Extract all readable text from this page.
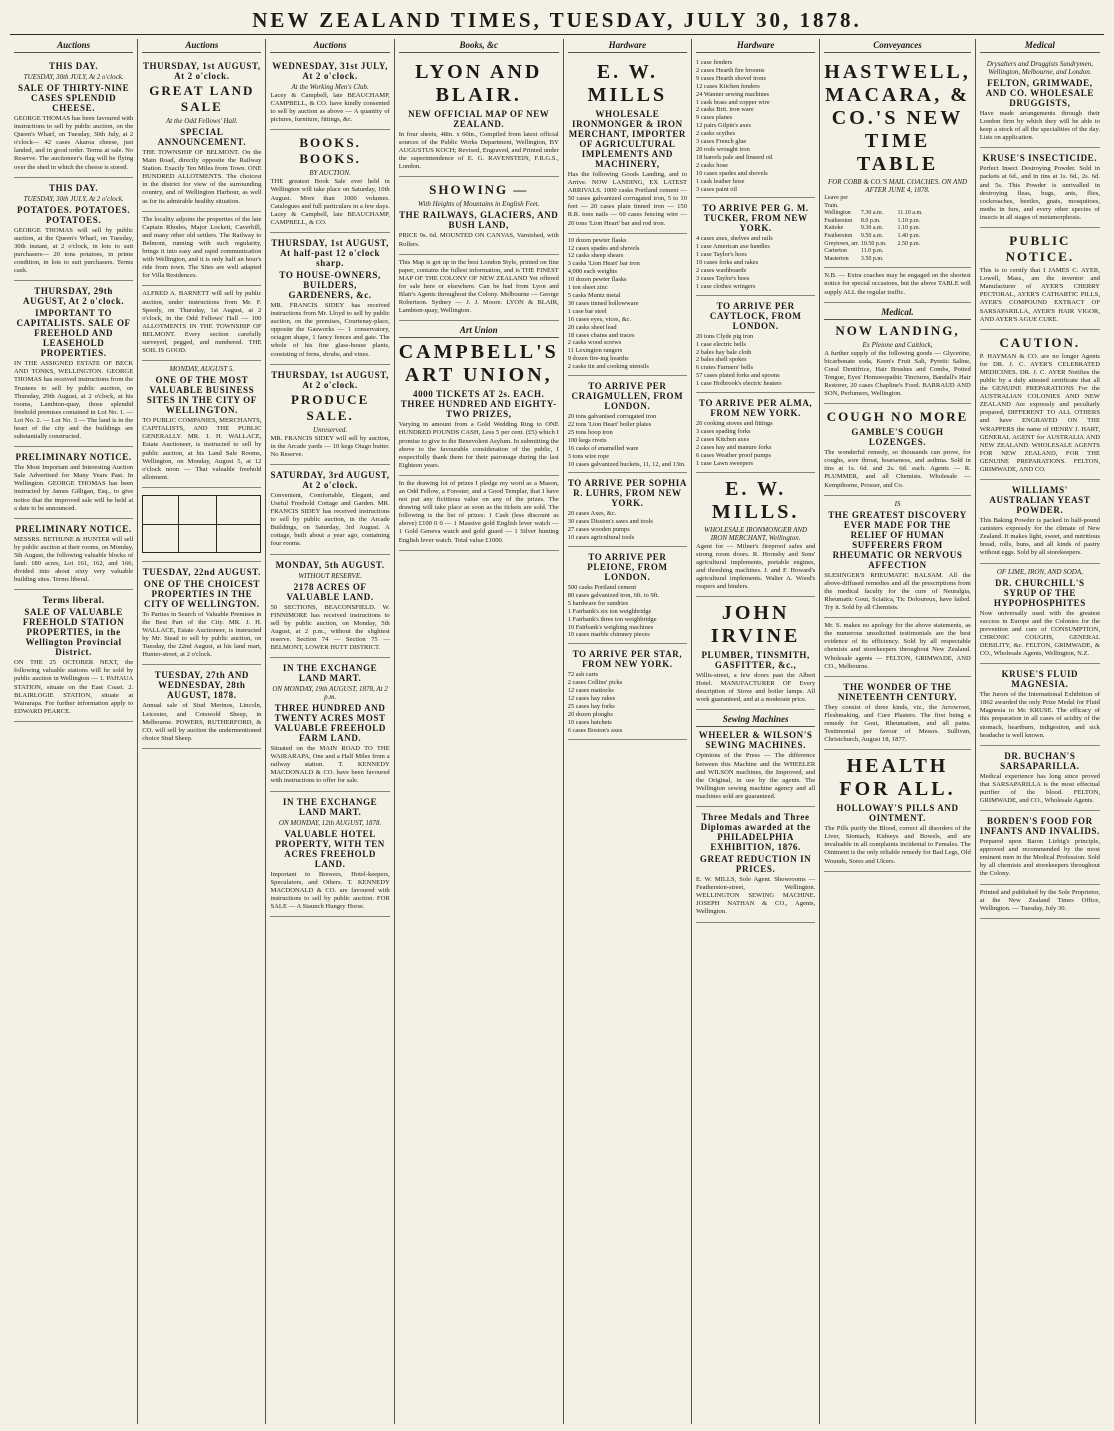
NEW ZEALAND TIMES, TUESDAY, JULY 30, 1878.
Auctions
THIS DAY.
TUESDAY, 30th JULY, At 2 o'clock.
SALE OF THIRTY-NINE CASES SPLENDID CHEESE.
GEORGE THOMAS has been favoured with instructions to sell by public auction, on the Queen's Wharf, on Tuesday, 30th July, at 2 o'clock— 42 cases Akaroa cheese, just landed, and in good order. Terms at sale. No Reserve. The auctioneer's flag will be flying over the shed in which the cheese is stored.
THIS DAY.
TUESDAY, 30th JULY, At 2 o'clock.
POTATOES. POTATOES. POTATOES.
GEORGE THOMAS will sell by public auction, at the Queen's Wharf, on Tuesday, 30th instant, at 2 o'clock, in lots to suit purchasers— 20 tons potatoes, in prime condition, in lots to suit purchasers. Terms cash.
THURSDAY, 29th AUGUST, At 2 o'clock.
IMPORTANT TO CAPITALISTS. SALE OF FREEHOLD AND LEASEHOLD PROPERTIES.
IN THE ASSIGNED ESTATE OF BECK AND TONKS, WELLINGTON. GEORGE THOMAS has received instructions from the Trustees to sell by public auction, on Thursday, 29th August, at 2 o'clock, at his rooms, Lambton-quay, those splendid freehold premises contained in Lot No. 1. — Lot No. 2. — Lot No. 3 — The land is in the heart of the city and the buildings are substantially constructed.
PRELIMINARY NOTICE.
The Most Important and Interesting Auction Sale Advertised for Many Years Past. In Wellington. GEORGE THOMAS has been instructed by James Gilligan, Esq., to give notice that the improved sale will be held at a date to be announced.
PRELIMINARY NOTICE.
MESSRS. BETHUNE & HUNTER will sell by public auction at their rooms, on Monday, 5th August, the following valuable blocks of land: 180 acres, Lot 161, 162, and 166, divided into about sixty very valuable building sites. Terms liberal.
Terms liberal.
SALE OF VALUABLE FREEHOLD STATION PROPERTIES, in the Wellington Provincial District.
ON THE 25 OCTOBER NEXT, the following valuable stations will be sold by public auction in Wellington — 1. PAHAUA STATION, situate on the East Coast. 2. BLAIRLOGIE STATION, situate at Wairarapa. For further information apply to EDWARD PEARCE.
Auctions
THURSDAY, 1st AUGUST, At 2 o'clock.
GREAT LAND SALE
At the Odd Fellows' Hall.
SPECIAL ANNOUNCEMENT.
THE TOWNSHIP OF BELMONT. On the Main Road, directly opposite the Railway Station. Exactly Ten Miles from Town. ONE HUNDRED ALLOTMENTS. The choicest in the district for view of the surrounding country, and of Wellington Harbour, as well as for its admirable healthy situation.
The locality adjoins the properties of the late Captain Rhodes, Major Lockett, Caverhill, and many other old settlers. The Railway to Belmont, running with such regularity, brings it into easy and rapid communication with Wellington, and it is only half an hour's ride from town. The Sites are well adapted for Villa Residences.
ALFRED A. BARNETT will sell by public auction, under instructions from Mr. F. Speedy, on Thursday, 1st August, at 2 o'clock, in the Odd Fellows' Hall — 100 ALLOTMENTS IN THE TOWNSHIP OF BELMONT. Every section carefully surveyed, pegged, and numbered. THE SOIL IS GOOD.
MONDAY, AUGUST 5.
ONE OF THE MOST VALUABLE BUSINESS SITES IN THE CITY OF WELLINGTON.
TO PUBLIC COMPANIES, MERCHANTS, CAPITALISTS, AND THE PUBLIC GENERALLY. MR. J. H. WALLACE, Estate Auctioneer, is instructed to sell by public auction, at his Land Sale Rooms, Wellington, on Monday, August 5, at 12 o'clock noon — That valuable freehold allotment.
TUESDAY, 22nd AUGUST.
ONE OF THE CHOICEST PROPERTIES IN THE CITY OF WELLINGTON.
To Parties in Search of Valuable Premises in the Best Part of the City. MR. J. H. WALLACE, Estate Auctioneer, is instructed by Mr. Stead to sell by public auction, on Tuesday, the 22nd August, at his land mart, Hunter-street, at 2 o'clock.
TUESDAY, 27th AND WEDNESDAY, 28th AUGUST, 1878.
Annual sale of Stud Merinos, Lincoln, Leicester, and Cotswold Sheep, in Melbourne. POWERS, RUTHERFORD, & CO. will sell by auction the undermentioned choice Stud Sheep.
Auctions
WEDNESDAY, 31st JULY, At 2 o'clock.
At the Working Men's Club.
Lacey & Campbell, late BEAUCHAMP, CAMPBELL, & CO. have kindly consented to sell by auction as above — A quantity of pictures, furniture, fittings, &c.
BOOKS. BOOKS.
BY AUCTION.
THE greatest Book Sale ever held in Wellington will take place on Saturday, 10th August. More than 1000 volumes. Catalogues and full particulars in a few days. Lacey & Campbell, late BEAUCHAMP, CAMPBELL, & CO.
THURSDAY, 1st AUGUST, At half-past 12 o'clock sharp.
TO HOUSE-OWNERS, BUILDERS, GARDENERS, &c.
MR. FRANCIS SIDEY has received instructions from Mr. Lloyd to sell by public auction, on the premises, Courtenay-place, opposite the Gasworks — 1 conservatory, octagon shape, 1 fancy fences and gate. The whole of his fine glass-house plants, consisting of ferns, shrubs, and vines.
THURSDAY, 1st AUGUST, At 2 o'clock.
PRODUCE SALE.
Unreserved.
MR. FRANCIS SIDEY will sell by auction, in the Arcade yards — 10 kegs Otago butter. No Reserve.
SATURDAY, 3rd AUGUST, At 2 o'clock.
Convenient, Comfortable, Elegant, and Useful Freehold Cottage and Garden. MR. FRANCIS SIDEY has received instructions to sell by public auction, in the Arcade Buildings, on Saturday, 3rd August. A cottage, built about a year ago, containing four rooms.
MONDAY, 5th AUGUST.
WITHOUT RESERVE.
2178 ACRES OF VALUABLE LAND.
50 SECTIONS, BEACONSFIELD. W. FINNIMORE has received instructions to sell by public auction, on Monday, 5th August, at 2 p.m., without the slightest reserve. Section 74 — Section 75 — BELMONT, LOWER HUTT DISTRICT.
IN THE EXCHANGE LAND MART.
ON MONDAY, 19th AUGUST, 1878, At 2 p.m.
THREE HUNDRED AND TWENTY ACRES MOST VALUABLE FREEHOLD FARM LAND.
Situated on the MAIN ROAD TO THE WAIRARAPA, One and a Half Miles from a railway station. T. KENNEDY MACDONALD & CO. have been favoured with instructions to offer for sale.
IN THE EXCHANGE LAND MART.
ON MONDAY, 12th AUGUST, 1878.
VALUABLE HOTEL PROPERTY, WITH TEN ACRES FREEHOLD LAND.
Important to Brewers, Hotel-keepers, Speculators, and Others. T. KENNEDY MACDONALD & CO. are favoured with instructions to sell by public auction. FOR SALE — A Staunch Hungry Horse.
Books, &c
LYON AND BLAIR.
NEW OFFICIAL MAP OF NEW ZEALAND.
In four sheets, 48in. x 60in., Compiled from latest official sources of the Public Works Department, Wellington, BY AUGUSTUS KOCH; Revised, Engraved, and Printed under the superintendence of E. G. RAVENSTEIN, F.R.G.S., London.
SHOWING —
With Heights of Mountains in English Feet.
THE RAILWAYS, GLACIERS, AND BUSH LAND,
PRICE 9s. 6d. MOUNTED ON CANVAS, Varnished, with Rollers.
This Map is got up in the best London Style, printed on fine paper, contains the fullest information, and is THE FINEST MAP OF THE COLONY OF NEW ZEALAND Yet offered for sale here or elsewhere. Can be had from Lyon and Blair's Agents throughout the Colony. Melbourne — George Robertson. Sydney — J. J. Moore. LYON & BLAIR, Lambton-quay, Wellington.
Art Union
CAMPBELL'S ART UNION,
4000 TICKETS AT 2s. EACH. THREE HUNDRED AND EIGHTY-TWO PRIZES,
Varying in amount from a Gold Wedding Ring to ONE HUNDRED POUNDS CASH, Less 5 per cent. (£5) which I promise to give to the Benevolent Asylum. In submitting the above to the favourable consideration of the public, I respectfully thank them for their patronage during the last Eighteen years.
In the drawing lot of prizes I pledge my word as a Mason, an Odd Fellow, a Forester, and a Good Templar, that I have not put any fictitious value on any of the prizes. The drawing will take place as soon as the tickets are sold. The following is the list of prizes: 1 Cash (less discount as above) £100 0 0 — 1 Massive gold English lever watch — 1 Gold Geneva watch and gold guard — 1 Silver hunting English lever watch. Total value £1000.
Hardware
E. W. MILLS
WHOLESALE IRONMONGER & IRON MERCHANT, IMPORTER OF AGRICULTURAL IMPLEMENTS AND MACHINERY,
Has the following Goods Landing, and to Arrive. NOW LANDING, EX LATEST ARRIVALS. 1000 casks Portland cement — 50 cases galvanized corrugated iron, 5 to 10 feet — 20 cases plain tinned iron — 150 R.R. tons nails — 60 cases fencing wire — 20 tons 'Lion Heart' bar and rod iron.
10 dozen pewter flasks
12 cases spades and shovels
12 casks sheep shears
3 casks 'Lion Heart' bar iron
4,000 each weights
10 dozen pewter flasks
1 ton sheet zinc
5 casks Muntz metal
30 cases tinned hollowware
1 case bar steel
16 cases eyes, vices, &c.
20 casks sheet lead
18 cases chains and traces
2 casks wood screws
11 Lexington rangers
9 dozen fire-ing hearths
2 casks tin and cooking utensils
TO ARRIVE PER CRAIGMULLEN, FROM LONDON.
20 tons galvanised corrugated iron
22 tons 'Lion Heart' boiler plates
25 tons hoop iron
100 kegs rivets
16 casks of enamelled ware
3 tons wire rope
10 cases galvanized buckets, 11, 12, and 13in.
TO ARRIVE PER SOPHIA R. LUHRS, FROM NEW YORK.
20 cases Axes, &c.
30 cases Disston's saws and tools
27 cases wooden pumps
10 cases agricultural tools
TO ARRIVE PER PLEIONE, FROM LONDON.
500 casks Portland cement
80 cases galvanized iron, 6ft. to 9ft.
5 hardware for sundries
1 Fairbank's six ton weighbridge
1 Fairbank's three ton weighbridge
10 Fairbank's weighing machines
10 cases marble chimney pieces
TO ARRIVE PER STAR, FROM NEW YORK.
72 ash carts
2 cases Collins' picks
12 cases mattocks
12 cases hay rakes
25 cases hay forks
20 dozen ploughs
10 cases hatchets
6 cases Boston's axes
Hardware
1 case fenders
2 cases Hearth fire brooms
9 cases Hearth shovel irons
12 cases Kitchen fenders
24 Wanner sewing machines
1 cask brass and copper wire
2 casks Brit. iron ware
9 cases planes
12 pairs Gilpin's axes
2 casks scythes
3 cases French glue
20 rods wrought iron
18 barrels pale and linseed oil
2 casks hose
10 cases spades and shovels
1 cask leather hose
3 cases paint oil
TO ARRIVE PER G. M. TUCKER, FROM NEW YORK.
4 cases axes, shelves and rails
1 case American axe handles
1 case Taylor's hoes
10 cases forks and rakes
2 cases washboards
3 cases Taylor's hoes
1 case clothes wringers
TO ARRIVE PER CAYTLOCK, FROM LONDON.
20 tons Clyde pig iron
1 case electric bells
2 bales hay bale cloth
2 bales shell spokes
6 crates Farmers' bells
57 cases plated forks and spoons
1 case Holbrook's electric heaters
TO ARRIVE PER ALMA, FROM NEW YORK.
20 cooking stoves and fittings
3 cases spading forks
2 cases Kitchen axes
2 cases hay and manure forks
6 cases Weather proof pumps
1 case Lawn sweepers
E. W. MILLS.
WHOLESALE IRONMONGER AND IRON MERCHANT, Wellington.
Agent for — Milner's fireproof safes and strong room doors. R. Hornsby and Sons' agricultural implements, portable engines, and threshing machines. J. and F. Howard's agricultural implements. Walter A. Wood's reapers and binders.
JOHN IRVINE
PLUMBER, TINSMITH, GASFITTER, &c.,
Willis-street, a few doors past the Albert Hotel. MANUFACTURER OF Every description of Stove and boiler lamps. All work guaranteed, and at a moderate price.
Sewing Machines
WHEELER & WILSON'S SEWING MACHINES.
Opinions of the Press — The difference between this Machine and the WHEELER and WILSON machines, the Improved, and the Original, in use by the agents. The Wellington sewing machine agency and all machines sold are guaranteed.
Three Medals and Three Diplomas awarded at the PHILADELPHIA EXHIBITION, 1876.
GREAT REDUCTION IN PRICES.
E. W. MILLS, Sole Agent. Showrooms — Featherston-street, Wellington. WELLINGTON SEWING MACHINE. JOSEPH NATHAN & CO., Agents, Wellington.
Conveyances
HASTWELL, MACARA, & CO.'S NEW TIME TABLE
FOR COBB & CO.'S MAIL COACHES. ON AND AFTER JUNE 4, 1878.
Leave per Train.
Wellington	7.30 a.m.	11.10 a.m.
Featherston	8.0 p.m.	1.10 p.m.
Kaitoke	9.30 a.m.	1.10 p.m.
Featherston	9.50 a.m.	1.40 p.m.
Greytown, arr. 10.50 p.m.	2.50 p.m.
Carterton	11.0 p.m.
Masterton	3.50 p.m.
N.B. — Extra coaches may be engaged on the shortest notice for special occasions, but the above TABLE will supply ALL the regular traffic.
Medical.
NOW LANDING,
Ex Pleione and Caitlock,
A further supply of the following goods — Glycerine, bicarbonate soda, Keen's Fruit Salt, Pyretic Saline, Coral Dentifrice, Hair Brushes and Combs, Potted Tongue, Eyes' Homoeopathic Tinctures, Bandall's Hair Restorer, 20 cases Chapline's Food. BARRAUD AND SON, Perfumers, Wellington.
COUGH NO MORE
GAMBLE'S COUGH LOZENGES.
The wonderful remedy, so thousands can prove, for coughs, sore throat, hoarseness, and asthma. Sold in tins at 1s. 6d. and 2s. 6d. each. Agents — R. PLUMMER, and all Chemists. Wholesale — Kempthorne, Prosser, and Co.
IS
THE GREATEST DISCOVERY EVER MADE FOR THE RELIEF OF HUMAN SUFFERERS FROM RHEUMATIC OR NERVOUS AFFECTION
SLESINGER'S RHEUMATIC BALSAM. All the above-diffused remedies and all the prescriptions from the medical faculty for the cure of Neuralgia, Rheumatic Gout, Sciatica, Tic Doloureux, have failed. Try it. Sold by all Chemists.
Mr. S. makes no apology for the above statements, as the numerous unsolicited testimonials are the best evidence of its efficiency. Sold by all respectable chemists and storekeepers throughout New Zealand. Wholesale agents — FELTON, GRIMWADE, AND CO., Melbourne.
THE WONDER OF THE NINETEENTH CENTURY.
They consist of three kinds, viz., the Arrowroot, Fleshmaking, and Cure Plasters. The first being a remedy for Gout, Rheumatism, and all pains. Testimonial per favour of Messrs. Sullivan, Christchurch, August 18, 1877.
HEALTH FOR ALL.
HOLLOWAY'S PILLS AND OINTMENT.
The Pills purify the Blood, correct all disorders of the Liver, Stomach, Kidneys and Bowels, and are invaluable in all complaints incidental to Females. The Ointment is the only reliable remedy for Bad Legs, Old Wounds, Sores and Ulcers.
Medical
Drysalters and Druggists Sundrymen, Wellington, Melbourne, and London.
FELTON, GRIMWADE, AND CO. WHOLESALE DRUGGISTS,
Have made arrangements through their London firm by which they will be able to keep a stock of all the specialities of the day. Lists on application.
KRUSE'S INSECTICIDE.
Perfect Insect Destroying Powder. Sold in packets at 6d., and in tins at 1s. 6d., 2s. 6d. and 5s. This Powder is unrivalled in destroying fleas, bugs, ants, flies, cockroaches, beetles, gnats, mosquitoes, moths in furs, and every other species of insects in all stages of metamorphosis.
PUBLIC NOTICE.
This is to certify that I JAMES C. AYER, Lowell, Mass., am the inventor and Manufacturer of AYER'S CHERRY PECTORAL, AYER'S CATHARTIC PILLS, AYER'S COMPOUND EXTRACT OF SARSAPARILLA, AYER'S HAIR VIGOR, AND AYER'S AGUE CURE.
CAUTION.
P. HAYMAN & CO. are no longer Agents for DR. J. C. AYER'S CELEBRATED MEDICINES. DR. J. C. AYER Notifies the public by a duly attested certificate that all the GENUINE PREPARATIONS For the AUSTRALIAN COLONIES AND NEW ZEALAND Are expressly and peculiarly prepared, DIFFERENT TO ALL OTHERS and have ENGRAVED ON THE WRAPPERS the name of HENRY J. HART, GENERAL AGENT for AUSTRALIA AND NEW ZEALAND. WHOLESALE AGENTS FOR NEW ZEALAND, FOR THE GENUINE PREPARATIONS. FELTON, GRIMWADE, AND CO.
WILLIAMS' AUSTRALIAN YEAST POWDER.
This Baking Powder is packed in half-pound canisters expressly for the climate of New Zealand. It makes light, sweet, and nutritious bread, rolls, buns, and all kinds of pastry without eggs. Sold by all storekeepers.
OF LIME, IRON, AND SODA,
DR. CHURCHILL'S SYRUP OF THE HYPOPHOSPHITES
Now universally used with the greatest success in Europe and the Colonies for the prevention and cure of CONSUMPTION, CHRONIC COUGHS, GENERAL DEBILITY, &c. FELTON, GRIMWADE, & CO., Wholesale Agents, Wellington, N.Z.
KRUSE'S FLUID MAGNESIA.
The Jurors of the International Exhibition of 1862 awarded the only Prize Medal for Fluid Magnesia to Mr. KRUSE. The efficacy of this preparation in all cases of acidity of the stomach, heartburn, indigestion, and sick headache is well known.
DR. BUCHAN'S SARSAPARILLA.
Medical experience has long since proved that SARSAPARILLA is the most effectual purifier of the blood. FELTON, GRIMWADE, and CO., Wholesale Agents.
BORDEN'S FOOD FOR INFANTS AND INVALIDS.
Prepared upon Baron Liebig's principle, approved and recommended by the most eminent men in the Medical Profession. Sold by all chemists and storekeepers throughout the Colony.
Printed and published by the Sole Proprietor, at the New Zealand Times Office, Wellington. — Tuesday, July 30.
